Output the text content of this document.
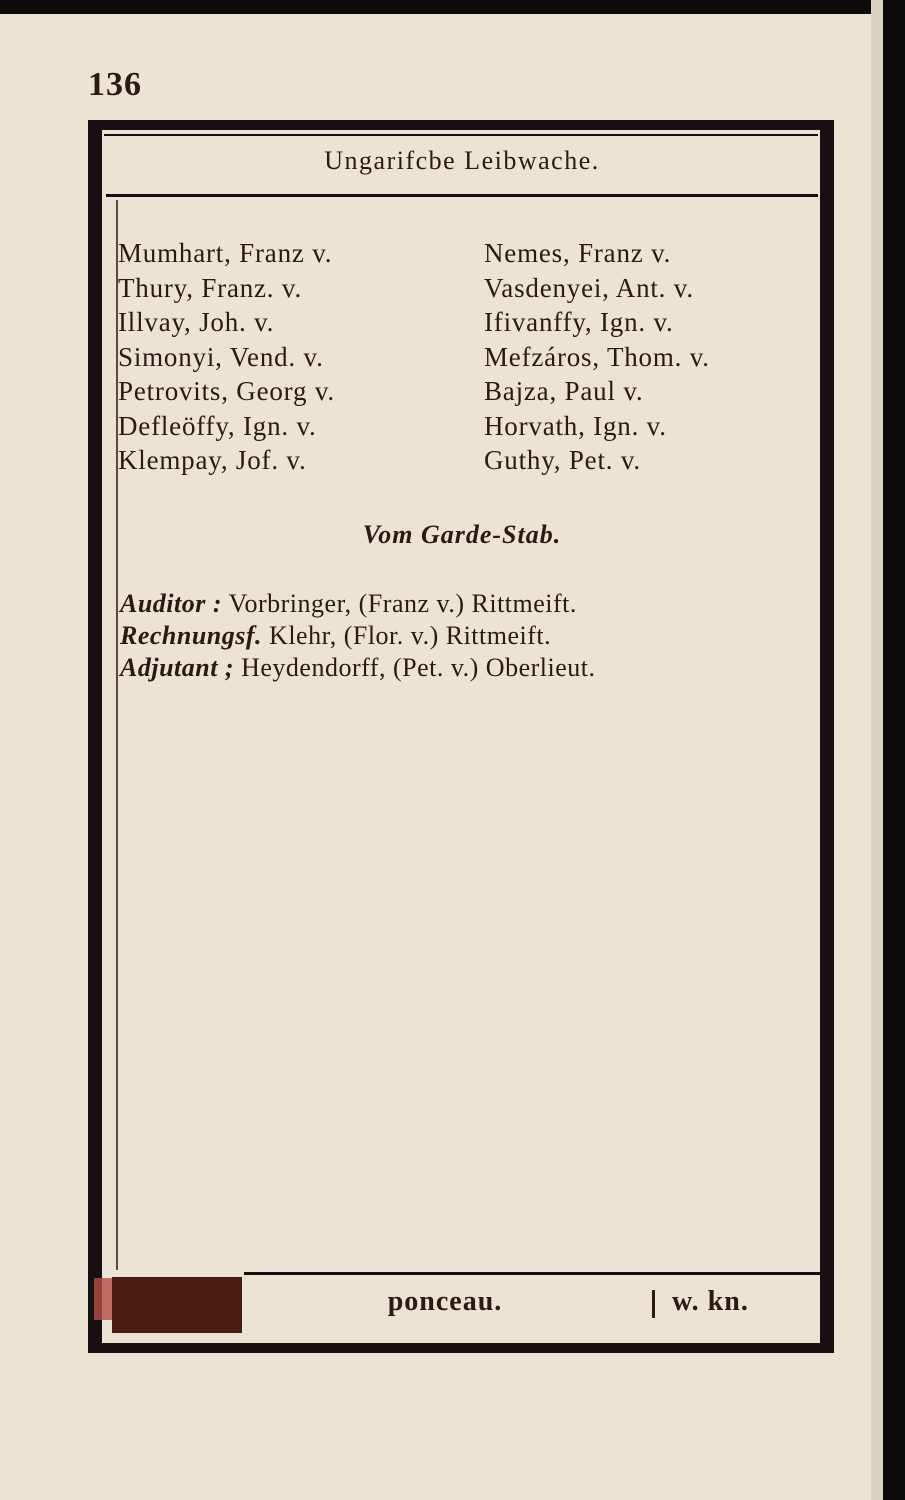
136
Ungarifcbe Leibwache.
Mumhart, Franz v.
Thury, Franz. v.
Illvay, Joh. v.
Simonyi, Vend. v.
Petrovits, Georg v.
Defleöffy, Ign. v.
Klempay, Jof. v.
Nemes, Franz v.
Vasdenyei, Ant. v.
Ifivanffy, Ign. v.
Mefzáros, Thom. v.
Bajza, Paul v.
Horvath, Ign. v.
Guthy, Pet. v.
Vom Garde-Stab.
Auditor : Vorbringer, (Franz v.) Rittmeift.
Rechnungsf. Klehr, (Flor. v.) Rittmeift.
Adjutant ; Heydendorff, (Pet. v.) Oberlieut.
ponceau.	w. kn.
